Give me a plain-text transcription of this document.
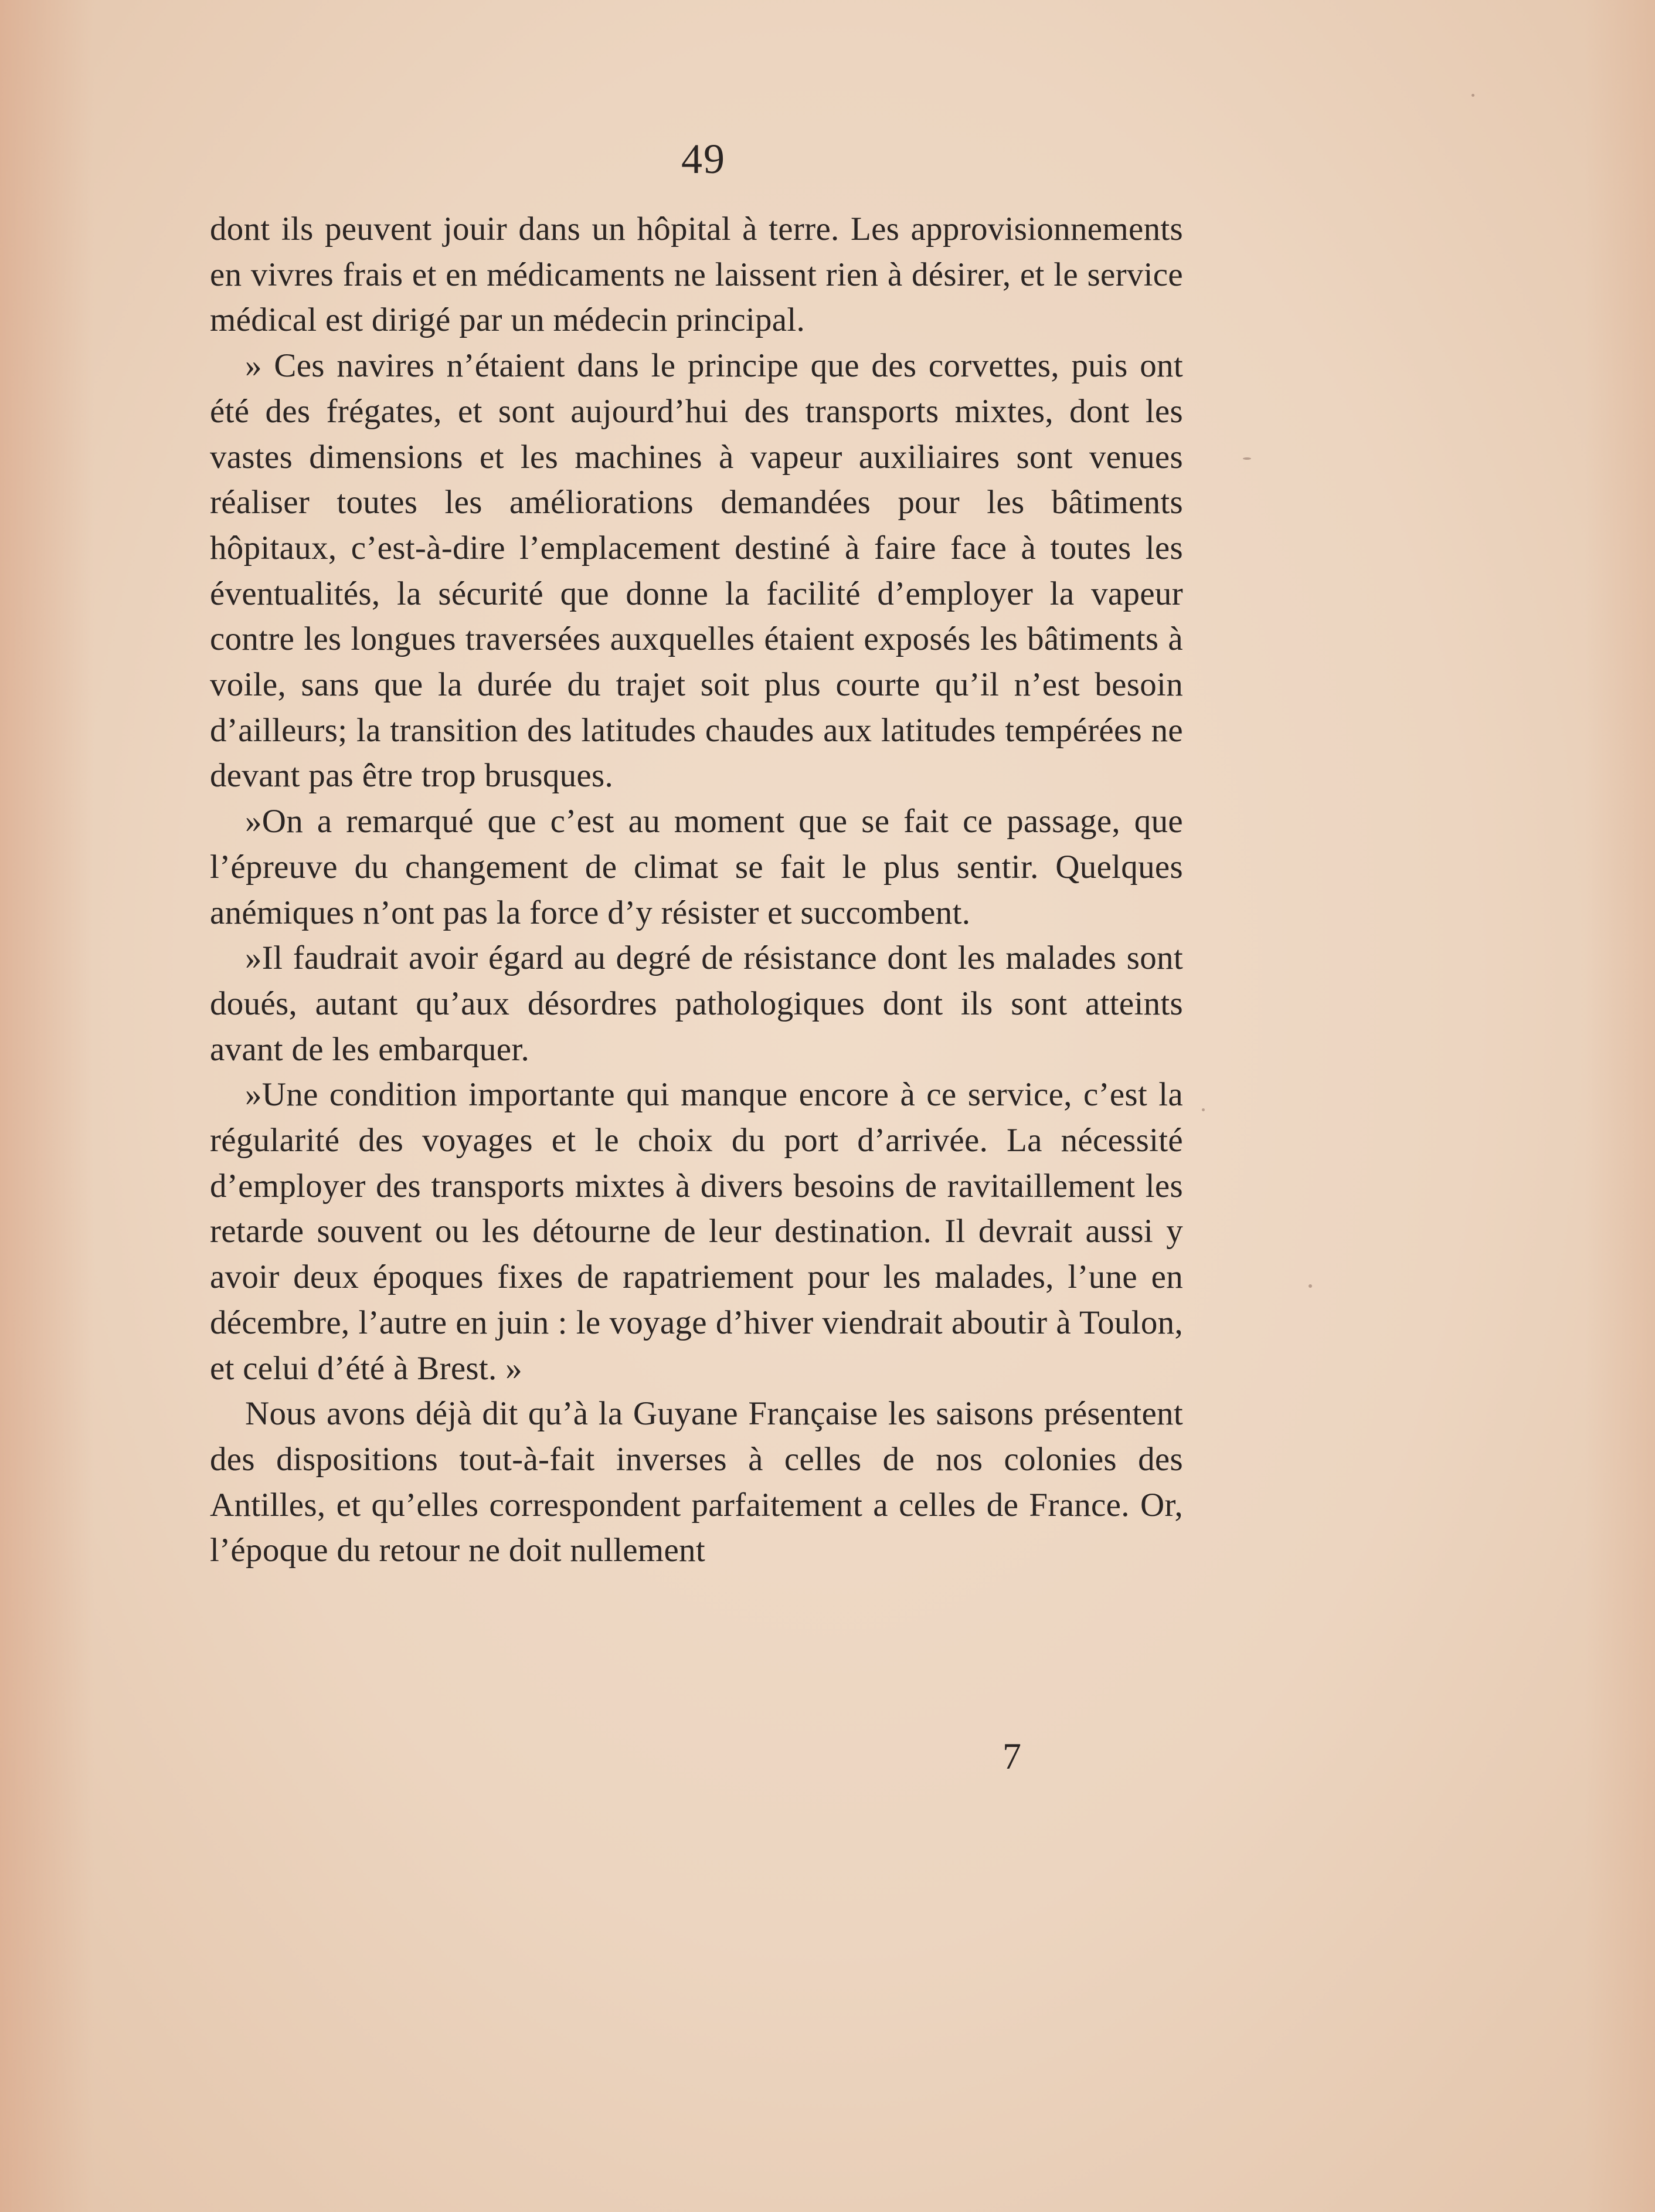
49

dont ils peuvent jouir dans un hôpital à terre. Les approvisionnements en vivres frais et en médicaments ne laissent rien à désirer, et le service médical est dirigé par un médecin principal.

» Ces navires n’étaient dans le principe que des corvettes, puis ont été des frégates, et sont aujourd’hui des transports mixtes, dont les vastes dimensions et les machines à vapeur auxiliaires sont venues réaliser toutes les améliorations demandées pour les bâtiments hôpitaux, c’est-à-dire l’emplacement destiné à faire face à toutes les éventualités, la sécurité que donne la facilité d’employer la vapeur contre les longues traversées auxquelles étaient exposés les bâtiments à voile, sans que la durée du trajet soit plus courte qu’il n’est besoin d’ailleurs; la transition des latitudes chaudes aux latitudes tempérées ne devant pas être trop brusques.

»On a remarqué que c’est au moment que se fait ce passage, que l’épreuve du changement de climat se fait le plus sentir. Quelques anémiques n’ont pas la force d’y résister et succombent.

»Il faudrait avoir égard au degré de résistance dont les malades sont doués, autant qu’aux désordres pathologiques dont ils sont atteints avant de les embarquer.

»Une condition importante qui manque encore à ce service, c’est la régularité des voyages et le choix du port d’arrivée. La nécessité d’employer des transports mixtes à divers besoins de ravitaillement les retarde souvent ou les détourne de leur destination. Il devrait aussi y avoir deux époques fixes de rapatriement pour les malades, l’une en décembre, l’autre en juin : le voyage d’hiver viendrait aboutir à Toulon, et celui d’été à Brest. »

Nous avons déjà dit qu’à la Guyane Française les saisons présentent des dispositions tout-à-fait inverses à celles de nos colonies des Antilles, et qu’elles correspondent parfaitement a celles de France. Or, l’époque du retour ne doit nullement

7
